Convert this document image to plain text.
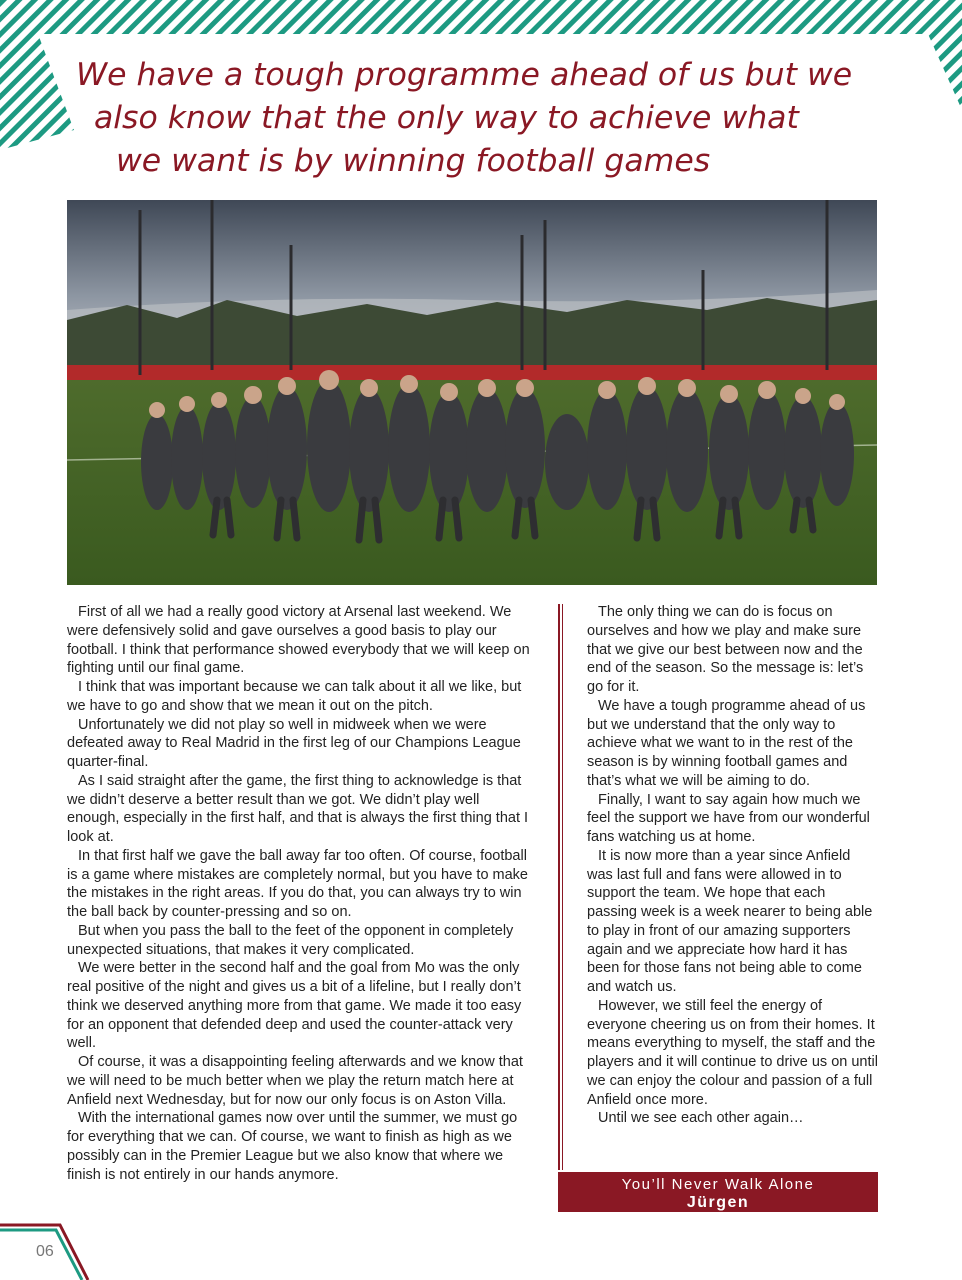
We have a tough programme ahead of us but we
also know that the only way to achieve what
we want is by winning football games

First of all we had a really good victory at Arsenal last weekend. We were defensively solid and gave ourselves a good basis to play our football. I think that performance showed everybody that we will keep on fighting until our final game.

I think that was important because we can talk about it all we like, but we have to go and show that we mean it out on the pitch.

Unfortunately we did not play so well in midweek when we were defeated away to Real Madrid in the first leg of our Champions League quarter-final.

As I said straight after the game, the first thing to acknowledge is that we didn’t deserve a better result than we got. We didn’t play well enough, especially in the first half, and that is always the first thing that I look at.

In that first half we gave the ball away far too often. Of course, football is a game where mistakes are completely normal, but you have to make the mistakes in the right areas. If you do that, you can always try to win the ball back by counter-pressing and so on.

But when you pass the ball to the feet of the opponent in completely unexpected situations, that makes it very complicated.

We were better in the second half and the goal from Mo was the only real positive of the night and gives us a bit of a lifeline, but I really don’t think we deserved anything more from that game. We made it too easy for an opponent that defended deep and used the counter-attack very well.

Of course, it was a disappointing feeling afterwards and we know that we will need to be much better when we play the return match here at Anfield next Wednesday, but for now our only focus is on Aston Villa.

With the international games now over until the summer, we must go for everything that we can. Of course, we want to finish as high as we possibly can in the Premier League but we also know that where we finish is not entirely in our hands anymore.

The only thing we can do is focus on ourselves and how we play and make sure that we give our best between now and the end of the season. So the message is: let’s go for it.

We have a tough programme ahead of us but we understand that the only way to achieve what we want to in the rest of the season is by winning football games and that’s what we will be aiming to do.

Finally, I want to say again how much we feel the support we have from our wonderful fans watching us at home.

It is now more than a year since Anfield was last full and fans were allowed in to support the team. We hope that each passing week is a week nearer to being able to play in front of our amazing supporters again and we appreciate how hard it has been for those fans not being able to come and watch us.

However, we still feel the energy of everyone cheering us on from their homes. It means everything to myself, the staff and the players and it will continue to drive us on until we can enjoy the colour and passion of a full Anfield once more.

Until we see each other again…

You’ll Never Walk Alone
Jürgen
06
